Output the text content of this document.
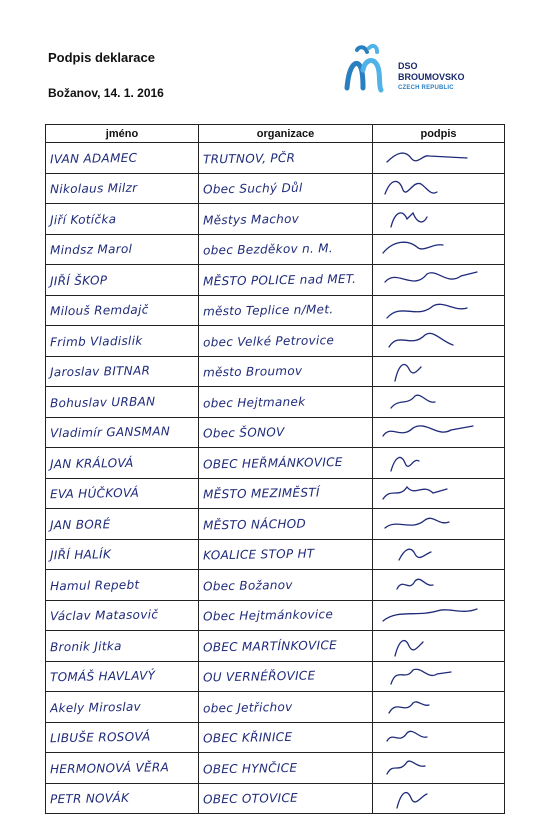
Podpis deklarace
Božanov, 14. 1. 2016
DSO
BROUMOVSKO
CZECH REPUBLIC
jméno	organizace	podpis

IVAN ADAMEC	TRUTNOV, PČR

Nikolaus Milzr	Obec Suchý Důl

Jiří Kotíčka	Městys Machov

Mindsz Marol	obec Bezděkov n. M.

JIŘÍ ŠKOP	MĚSTO POLICE nad MET.

Milouš Remdajč	město Teplice n/Met.

Frimb Vladislik	obec Velké Petrovice

Jaroslav BITNAR	město Broumov

Bohuslav URBAN	obec Hejtmanek

Vladimír GANSMAN	Obec ŠONOV

JAN KRÁLOVÁ	OBEC HEŘMÁNKOVICE

EVA HÚČKOVÁ	MĚSTO MEZIMĚSTÍ

JAN BORÉ	MĚSTO NÁCHOD

JIŘÍ HALÍK	KOALICE STOP HT

Hamul Repebt	Obec Božanov

Václav Matasovič	Obec Hejtmánkovice

Bronik Jitka	OBEC MARTÍNKOVICE

TOMÁŠ HAVLAVÝ	OU VERNÉŘOVICE

Akely Miroslav	obec Jetřichov

LIBUŠE ROSOVÁ	OBEC KŘINICE

HERMONOVÁ VĚRA	OBEC HYNČICE

PETR NOVÁK	OBEC OTOVICE
